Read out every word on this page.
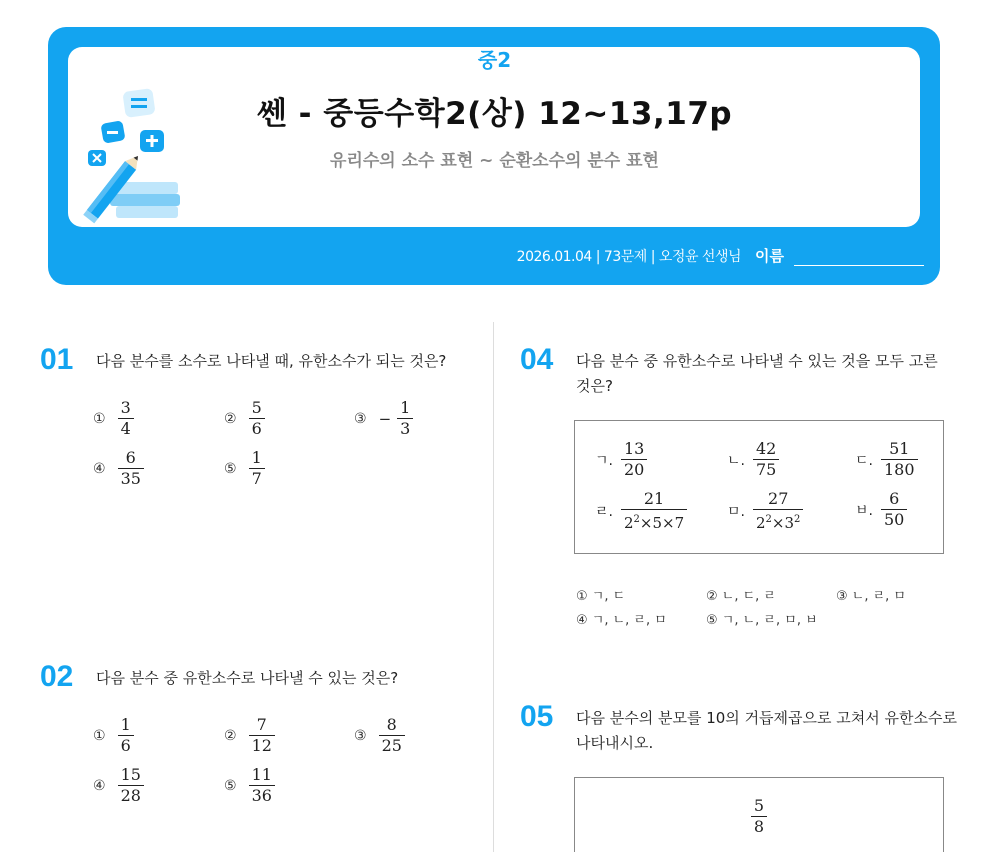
2026.01.04 | 73문제 | 오정윤 선생님 이름
중2
쎈 - 중등수학2(상) 12~13,17p
유리수의 소수 표현 ~ 순환소수의 분수 표현
01 다음 분수를 소수로 나타낼 때, 유한소수가 되는 것은?
① $\frac{3}{4}$	② $\frac{5}{6}$	③ − $\frac{1}{3}$
④ $\frac{6}{35}$	⑤ $\frac{1}{7}$
02 다음 분수 중 유한소수로 나타낼 수 있는 것은?
① $\frac{1}{6}$	② $\frac{7}{12}$	③ $\frac{8}{25}$
④ $\frac{15}{28}$	⑤ $\frac{11}{36}$
04 다음 분수 중 유한소수로 나타낼 수 있는 것을 모두 고른
것은?
ㄱ. $\frac{13}{20}$	ㄴ. $\frac{42}{75}$	ㄷ. $\frac{51}{180}$
ㄹ. $\frac{21}{2^2\times 5\times 7}$	ㅁ. $\frac{27}{2^2\times 3^2}$	ㅂ. $\frac{6}{50}$
① ㄱ, ㄷ	② ㄴ, ㄷ, ㄹ	③ ㄴ, ㄹ, ㅁ
④ ㄱ, ㄴ, ㄹ, ㅁ	⑤ ㄱ, ㄴ, ㄹ, ㅁ, ㅂ
05 다음 분수의 분모를 10의 거듭제곱으로 고쳐서 유한소수로
나타내시오.
$\frac{5}{8}$
